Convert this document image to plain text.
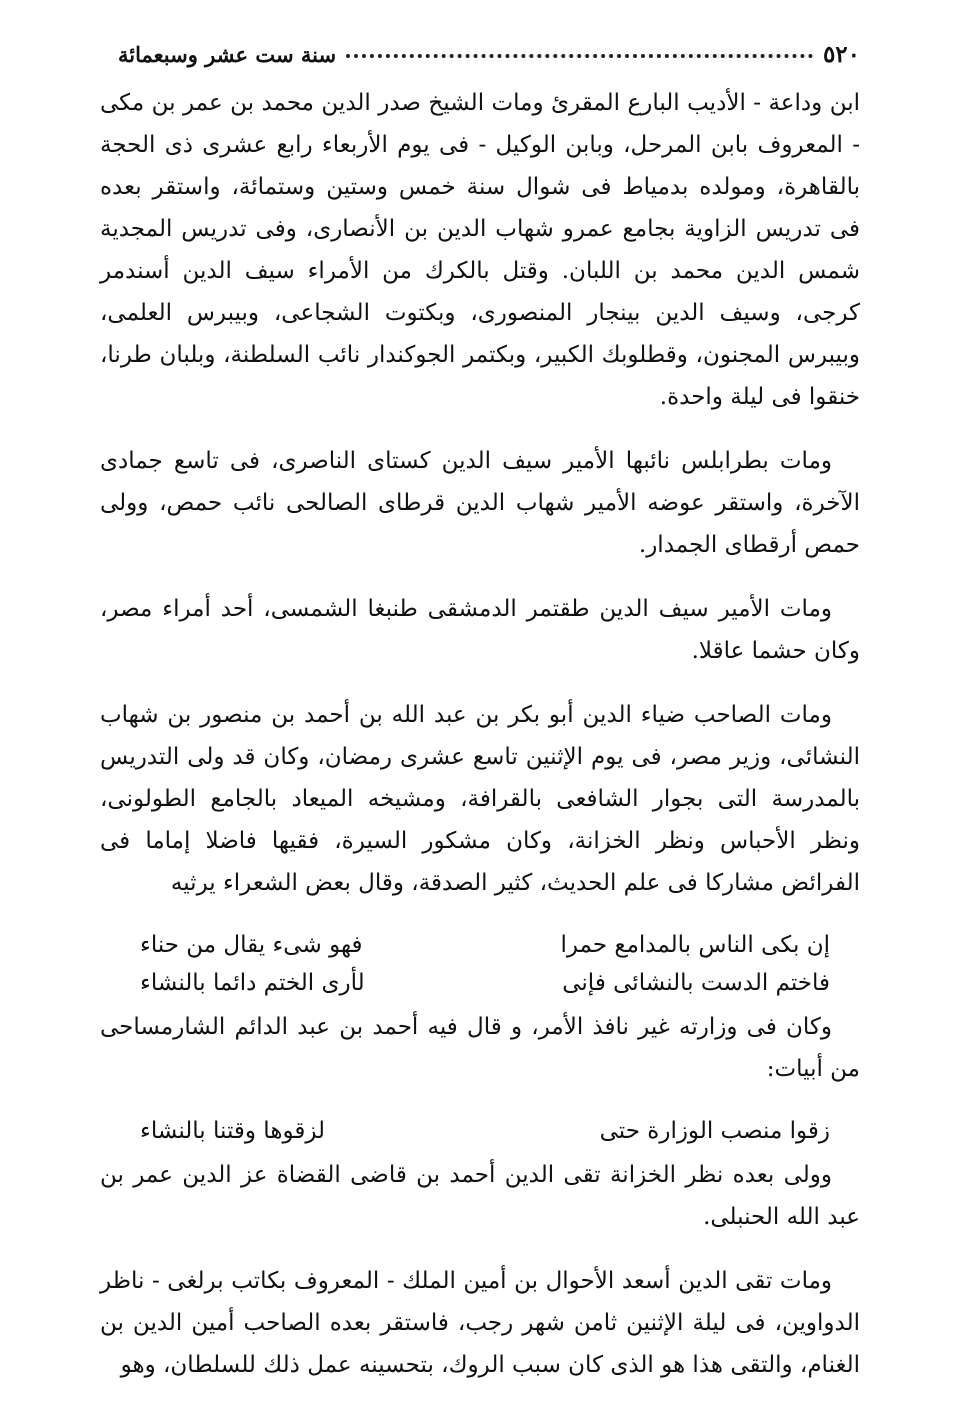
٥٢٠
سنة ست عشر وسبعمائة

ابن وداعة - الأديب البارع المقرئ ومات الشيخ صدر الدين محمد بن عمر بن مكى - المعروف بابن المرحل، وبابن الوكيل - فى يوم الأربعاء رابع عشرى ذى الحجة بالقاهرة، ومولده بدمياط فى شوال سنة خمس وستين وستمائة، واستقر بعده فى تدريس الزاوية بجامع عمرو شهاب الدين بن الأنصارى، وفى تدريس المجدية شمس الدين محمد بن اللبان. وقتل بالكرك من الأمراء سيف الدين أسندمر كرجى، وسيف الدين بينجار المنصورى، وبكتوت الشجاعى، وبيبرس العلمى، وبيبرس المجنون، وقطلوبك الكبير، وبكتمر الجوكندار نائب السلطنة، وبلبان طرنا، خنقوا فى ليلة واحدة.

ومات بطرابلس نائبها الأمير سيف الدين كستاى الناصرى، فى تاسع جمادى الآخرة، واستقر عوضه الأمير شهاب الدين قرطاى الصالحى نائب حمص، وولى حمص أرقطاى الجمدار.

ومات الأمير سيف الدين طقتمر الدمشقى طنبغا الشمسى، أحد أمراء مصر، وكان حشما عاقلا.

ومات الصاحب ضياء الدين أبو بكر بن عبد الله بن أحمد بن منصور بن شهاب النشائى، وزير مصر، فى يوم الإثنين تاسع عشرى رمضان، وكان قد ولى التدريس بالمدرسة التى بجوار الشافعى بالقرافة، ومشيخه الميعاد بالجامع الطولونى، ونظر الأحباس ونظر الخزانة، وكان مشكور السيرة، فقيها فاضلا إماما فى الفرائض مشاركا فى علم الحديث، كثير الصدقة، وقال بعض الشعراء يرثيه

إن بكى الناس بالمدامع حمرا
فهو شىء يقال من حناء
فاختم الدست بالنشائى فإنى
لأرى الختم دائما بالنشاء

وكان فى وزارته غير نافذ الأمر، و قال فيه أحمد بن عبد الدائم الشارمساحى من أبيات:

زقوا منصب الوزارة حتى
لزقوها وقتنا بالنشاء

وولى بعده نظر الخزانة تقى الدين أحمد بن قاضى القضاة عز الدين عمر بن عبد الله الحنبلى.

ومات تقى الدين أسعد الأحوال بن أمين الملك - المعروف بكاتب برلغى - ناظر الدواوين، فى ليلة الإثنين ثامن شهر رجب، فاستقر بعده الصاحب أمين الدين بن الغنام، والتقى هذا هو الذى كان سبب الروك، بتحسينه عمل ذلك للسلطان، وهو
